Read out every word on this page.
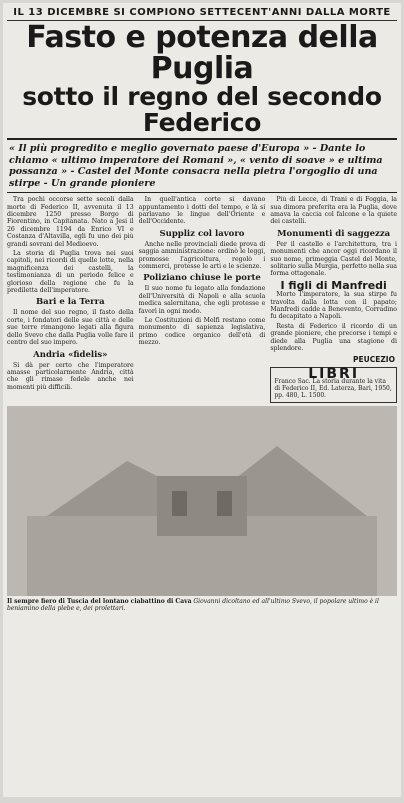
IL 13 DICEMBRE SI COMPIONO SETTECENT'ANNI DALLA MORTE
Fasto e potenza della Puglia
sotto il regno del secondo Federico
« Il più progredito e meglio governato paese d'Europa » - Dante lo chiamo « ultimo imperatore dei Romani », « vento di soave » e ultima possanza » - Castel del Monte consacra nella pietra l'orgoglio di una stirpe - Un grande pioniere

Tra pochi occorse sette secoli dalla morte di Federico II, avvenuta il 13 dicembre 1250 presso Borgo di Fiorentino, in Capitanata. Nato a Jesi il 26 dicembre 1194 da Enrico VI e Costanza d'Altavilla, egli fu uno dei più grandi sovrani del Medioevo.

La storia di Puglia trova nei suoi capitoli, nei ricordi di quelle lotte, nella magnificenza dei castelli, la testimonianza di un periodo felice e glorioso della regione che fu la prediletta dell'imperatore.

Bari e la Terra

Il nome del suo regno, il fasto della corte, i fondatori delle sue città e delle sue terre rimangono legati alla figura dello Svevo che dalla Puglia volle fare il centro del suo impero.

Andria «fidelis»

Si dà per certo che l'imperatore amasse particolarmente Andria, città che gli rimase fedele anche nei momenti più difficili.

In quell'antica corte si davano appuntamento i dotti del tempo, e là si parlavano le lingue dell'Oriente e dell'Occidente.

Suppliz col lavoro

Anche nelle provinciali diede prova di saggia amministrazione: ordinò le leggi, promosse l'agricoltura, regolò i commerci, protesse le arti e le scienze.

Poliziano chiuse le porte

Il suo nome fu legato alla fondazione dell'Università di Napoli e alla scuola medica salernitana, che egli protesse e favorì in ogni modo.

Le Costituzioni di Melfi restano come monumento di sapienza legislativa, primo codice organico dell'età di mezzo.

Più di Lecce, di Trani e di Foggia, la sua dimora preferita era la Puglia, dove amava la caccia col falcone e la quiete dei castelli.

Monumenti di saggezza

Per il castello e l'architettura, tra i monumenti che ancor oggi ricordano il suo nome, primeggia Castel del Monte, solitario sulla Murgia, perfetto nella sua forma ottagonale.

I figli di Manfredi

Morto l'imperatore, la sua stirpe fu travolta dalla lotta con il papato; Manfredi cadde a Benevento, Corradino fu decapitato a Napoli.

Resta di Federico il ricordo di un grande pioniere, che precorse i tempi e diede alla Puglia una stagione di splendore.

PEUCEZIO
LIBRI
Franco Sac. La storia durante la vita di Federico II, Ed. Laterza, Bari, 1950, pp. 480, L. 1500.
Il sempre fiero di Tuscia del lontano ciabattino di Cava Giovanni dicoltano ed all'ultimo Svevo, il popolare ultimo è il beniamino della plebe e, dei prolettari.
